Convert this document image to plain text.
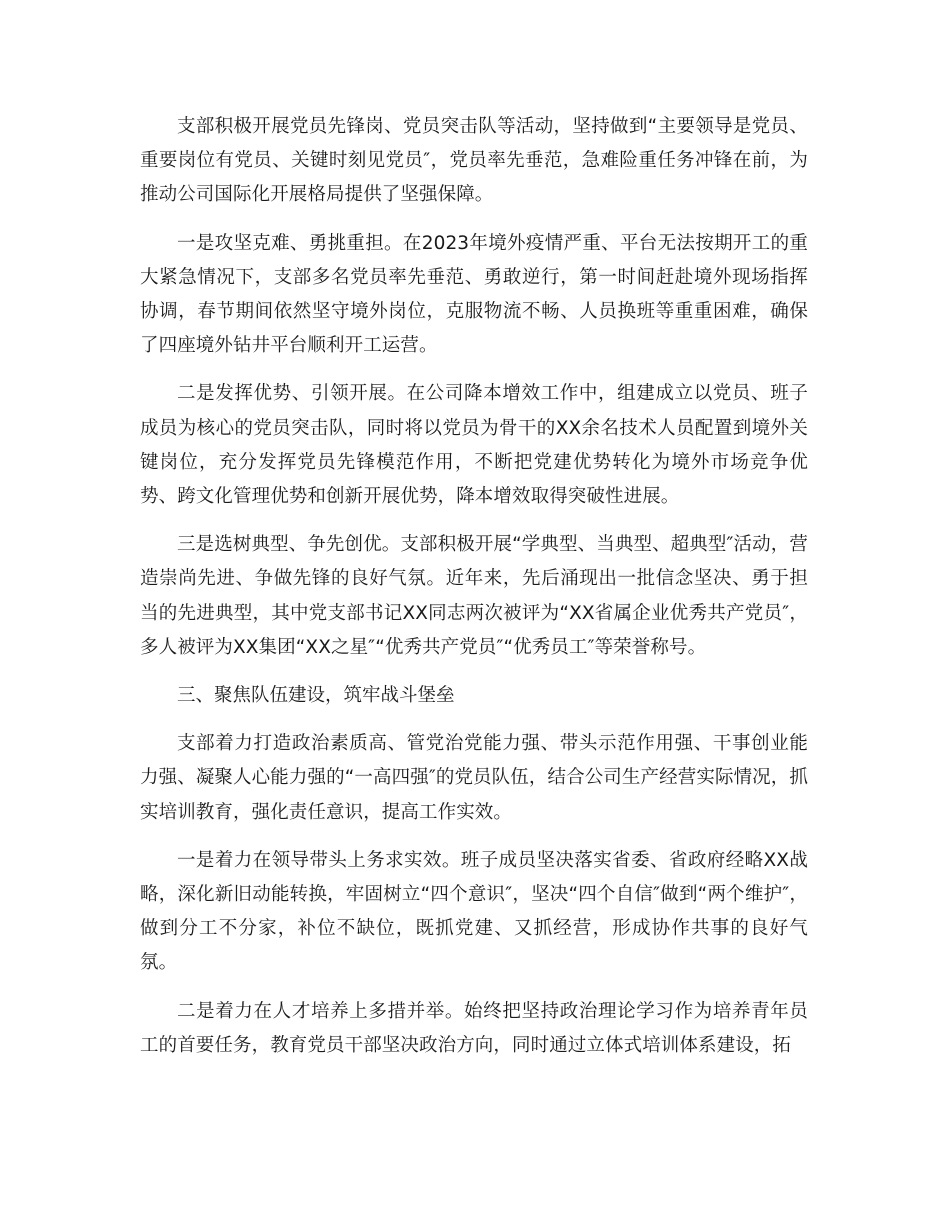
支部积极开展党员先锋岗、党员突击队等活动，坚持做到“主要领导是党员、重要岗位有党员、关键时刻见党员″，党员率先垂范，急难险重任务冲锋在前，为推动公司国际化开展格局提供了坚强保障。

一是攻坚克难、勇挑重担。在2023年境外疫情严重、平台无法按期开工的重大紧急情况下，支部多名党员率先垂范、勇敢逆行，第一时间赶赴境外现场指挥协调，春节期间依然坚守境外岗位，克服物流不畅、人员换班等重重困难，确保了四座境外钻井平台顺利开工运营。

二是发挥优势、引领开展。在公司降本增效工作中，组建成立以党员、班子成员为核心的党员突击队，同时将以党员为骨干的XX余名技术人员配置到境外关键岗位，充分发挥党员先锋模范作用，不断把党建优势转化为境外市场竞争优势、跨文化管理优势和创新开展优势，降本增效取得突破性进展。

三是选树典型、争先创优。支部积极开展“学典型、当典型、超典型″活动，营造崇尚先进、争做先锋的良好气氛。近年来，先后涌现出一批信念坚决、勇于担当的先进典型，其中党支部书记XX同志两次被评为“XX省属企业优秀共产党员″，多人被评为XX集团“XX之星″“优秀共产党员″“优秀员工″等荣誉称号。

三、聚焦队伍建设，筑牢战斗堡垒

支部着力打造政治素质高、管党治党能力强、带头示范作用强、干事创业能力强、凝聚人心能力强的“一高四强″的党员队伍，结合公司生产经营实际情况，抓实培训教育，强化责任意识，提高工作实效。

一是着力在领导带头上务求实效。班子成员坚决落实省委、省政府经略XX战略，深化新旧动能转换，牢固树立“四个意识″，坚决“四个自信″做到“两个维护″，做到分工不分家，补位不缺位，既抓党建、又抓经营，形成协作共事的良好气氛。

二是着力在人才培养上多措并举。始终把坚持政治理论学习作为培养青年员工的首要任务，教育党员干部坚决政治方向，同时通过立体式培训体系建设，拓
